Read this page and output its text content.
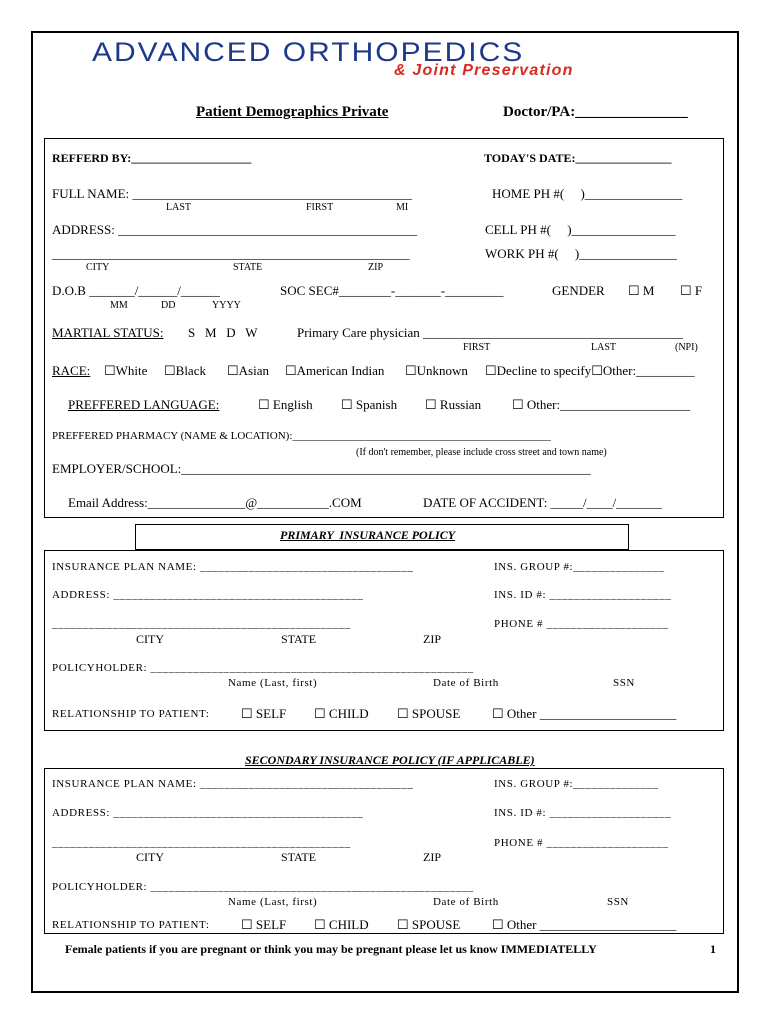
ADVANCED ORTHOPEDICS
& Joint Preservation
Patient Demographics Private	Doctor/PA:_______________
REFFERD BY:____________________	TODAY'S DATE:________________
FULL NAME: ___________________________________________	HOME PH #(     )_______________
LAST	FIRST	MI
ADDRESS: ______________________________________________	CELL PH #(     )________________
_______________________________________________________	WORK PH #(     )_______________
CITY	STATE	ZIP
D.O.B _______/______/______	SOC SEC#________-_______-_________	GENDER ☐ M ☐ F
MM	DD	YYYY
MARTIAL STATUS: S   M   D   W	Primary Care physician ________________________________________
FIRST	LAST	(NPI)
RACE: ☐White ☐Black ☐Asian ☐American Indian ☐Unknown ☐Decline to specify☐Other:_________
PREFFERED LANGUAGE:	☐ English ☐ Spanish ☐ Russian ☐ Other:____________________
PREFFERED PHARMACY (NAME & LOCATION):_______________________________________________
(If don't remember, please include cross street and town name)
EMPLOYER/SCHOOL:_______________________________________________________________
Email Address:_______________@___________.COM	DATE OF ACCIDENT: _____/____/_______
PRIMARY  INSURANCE POLICY
INSURANCE PLAN NAME: ___________________________________	INS. GROUP #:_______________
ADDRESS: _________________________________________	INS. ID #: ____________________
_________________________________________________	PHONE # ____________________
CITY	STATE	ZIP
POLICYHOLDER: _____________________________________________________
Name (Last, first)	Date of Birth	SSN
RELATIONSHIP TO PATIENT: ☐ SELF ☐ CHILD ☐ SPOUSE ☐ Other _____________________
SECONDARY INSURANCE POLICY (IF APPLICABLE)
INSURANCE PLAN NAME: ___________________________________	INS. GROUP #:______________
ADDRESS: _________________________________________	INS. ID #: ____________________
_________________________________________________	PHONE # ____________________
CITY	STATE	ZIP
POLICYHOLDER: _____________________________________________________
Name (Last, first)	Date of Birth	SSN
RELATIONSHIP TO PATIENT: ☐ SELF ☐ CHILD ☐ SPOUSE ☐ Other _____________________
Female patients if you are pregnant or think you may be pregnant please let us know IMMEDIATELLY	1
